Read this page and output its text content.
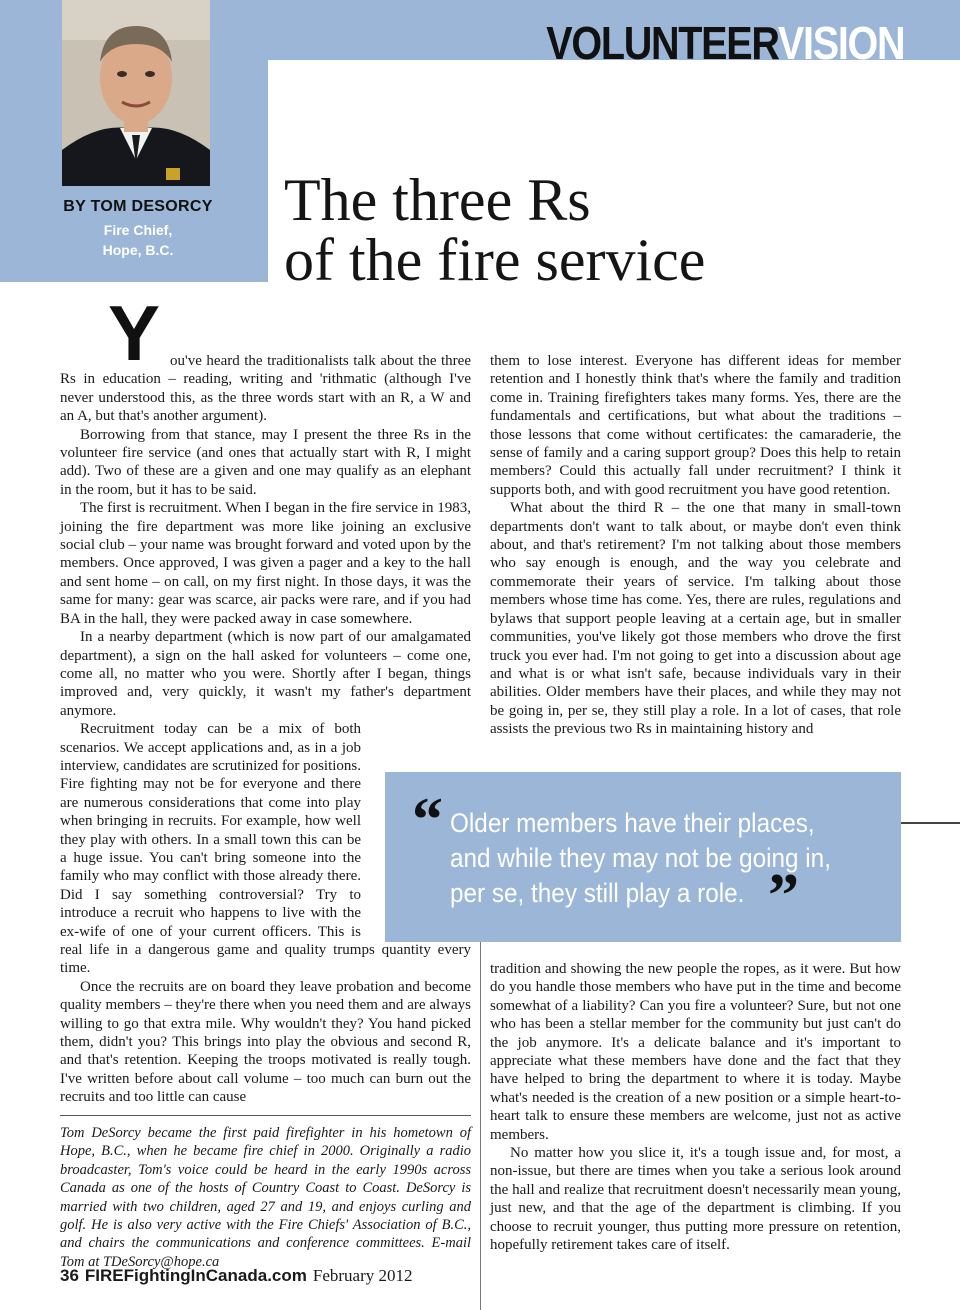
BY TOM DESORCY
Fire Chief,
Hope, B.C.
VOLUNTEERVISION
The three Rs
of the fire service

You've heard the traditionalists talk about the three Rs in education – reading, writing and 'rithmatic (although I've never understood this, as the three words start with an R, a W and an A, but that's another argument).

Borrowing from that stance, may I present the three Rs in the volunteer fire service (and ones that actually start with R, I might add). Two of these are a given and one may qualify as an elephant in the room, but it has to be said.

The first is recruitment. When I began in the fire service in 1983, joining the fire department was more like joining an exclusive social club – your name was brought forward and voted upon by the members. Once approved, I was given a pager and a key to the hall and sent home – on call, on my first night. In those days, it was the same for many: gear was scarce, air packs were rare, and if you had BA in the hall, they were packed away in case somewhere.

In a nearby department (which is now part of our amalgamated department), a sign on the hall asked for volunteers – come one, come all, no matter who you were. Shortly after I began, things improved and, very quickly, it wasn't my father's department anymore.

Recruitment today can be a mix of both scenarios. We accept applications and, as in a job interview, candidates are scrutinized for positions. Fire fighting may not be for everyone and there are numerous considerations that come into play when bringing in recruits. For example, how well they play with others. In a small town this can be a huge issue. You can't bring someone into the family who may conflict with those already there. Did I say something controversial? Try to introduce a recruit who happens to live with the ex-wife of one of your current officers. This is real life in a dangerous game and quality trumps quantity every time.

Once the recruits are on board they leave probation and become quality members – they're there when you need them and are always willing to go that extra mile. Why wouldn't they? You hand picked them, didn't you? This brings into play the obvious and second R, and that's retention. Keeping the troops motivated is really tough. I've written before about call volume – too much can burn out the recruits and too little can cause

them to lose interest. Everyone has different ideas for member retention and I honestly think that's where the family and tradition come in. Training firefighters takes many forms. Yes, there are the fundamentals and certifications, but what about the traditions – those lessons that come without certificates: the camaraderie, the sense of family and a caring support group? Does this help to retain members? Could this actually fall under recruitment? I think it supports both, and with good recruitment you have good retention.

What about the third R – the one that many in small-town departments don't want to talk about, or maybe don't even think about, and that's retirement? I'm not talking about those members who say enough is enough, and the way you celebrate and commemorate their years of service. I'm talking about those members whose time has come. Yes, there are rules, regulations and bylaws that support people leaving at a certain age, but in smaller communities, you've likely got those members who drove the first truck you ever had. I'm not going to get into a discussion about age and what is or what isn't safe, because individuals vary in their abilities. Older members have their places, and while they may not be going in, per se, they still play a role. In a lot of cases, that role assists the previous two Rs in maintaining history and

“ Older members have their places, and while they may not be going in, per se, they still play a role. ”

tradition and showing the new people the ropes, as it were. But how do you handle those members who have put in the time and become somewhat of a liability? Can you fire a volunteer? Sure, but not one who has been a stellar member for the community but just can't do the job anymore. It's a delicate balance and it's important to appreciate what these members have done and the fact that they have helped to bring the department to where it is today. Maybe what's needed is the creation of a new position or a simple heart-to-heart talk to ensure these members are welcome, just not as active members.

No matter how you slice it, it's a tough issue and, for most, a non-issue, but there are times when you take a serious look around the hall and realize that recruitment doesn't necessarily mean young, just new, and that the age of the department is climbing. If you choose to recruit younger, thus putting more pressure on retention, hopefully retirement takes care of itself.

Tom DeSorcy became the first paid firefighter in his hometown of Hope, B.C., when he became fire chief in 2000. Originally a radio broadcaster, Tom's voice could be heard in the early 1990s across Canada as one of the hosts of Country Coast to Coast. DeSorcy is married with two children, aged 27 and 19, and enjoys curling and golf. He is also very active with the Fire Chiefs' Association of B.C., and chairs the communications and conference committees. E-mail Tom at TDeSorcy@hope.ca
36 FIREFightingInCanada.com February 2012
